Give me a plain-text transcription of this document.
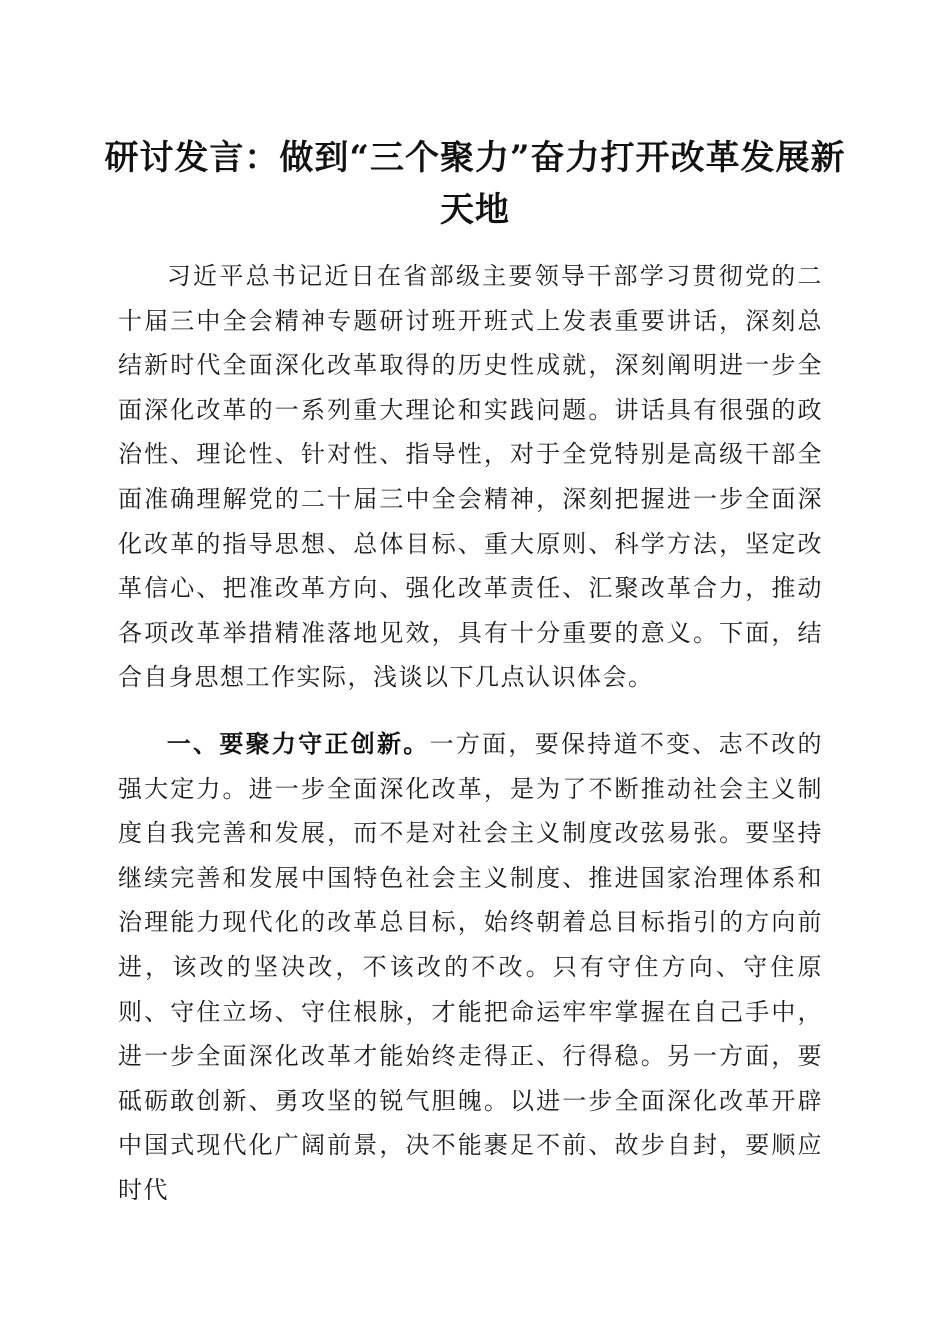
研讨发言：做到“三个聚力”奋力打开改革发展新天地

习近平总书记近日在省部级主要领导干部学习贯彻党的二十届三中全会精神专题研讨班开班式上发表重要讲话，深刻总结新时代全面深化改革取得的历史性成就，深刻阐明进一步全面深化改革的一系列重大理论和实践问题。讲话具有很强的政治性、理论性、针对性、指导性，对于全党特别是高级干部全面准确理解党的二十届三中全会精神，深刻把握进一步全面深化改革的指导思想、总体目标、重大原则、科学方法，坚定改革信心、把准改革方向、强化改革责任、汇聚改革合力，推动各项改革举措精准落地见效，具有十分重要的意义。下面，结合自身思想工作实际，浅谈以下几点认识体会。

一、要聚力守正创新。一方面，要保持道不变、志不改的强大定力。进一步全面深化改革，是为了不断推动社会主义制度自我完善和发展，而不是对社会主义制度改弦易张。要坚持继续完善和发展中国特色社会主义制度、推进国家治理体系和治理能力现代化的改革总目标，始终朝着总目标指引的方向前进，该改的坚决改，不该改的不改。只有守住方向、守住原则、守住立场、守住根脉，才能把命运牢牢掌握在自己手中，进一步全面深化改革才能始终走得正、行得稳。另一方面，要砥砺敢创新、勇攻坚的锐气胆魄。以进一步全面深化改革开辟中国式现代化广阔前景，决不能裹足不前、故步自封，要顺应时代
